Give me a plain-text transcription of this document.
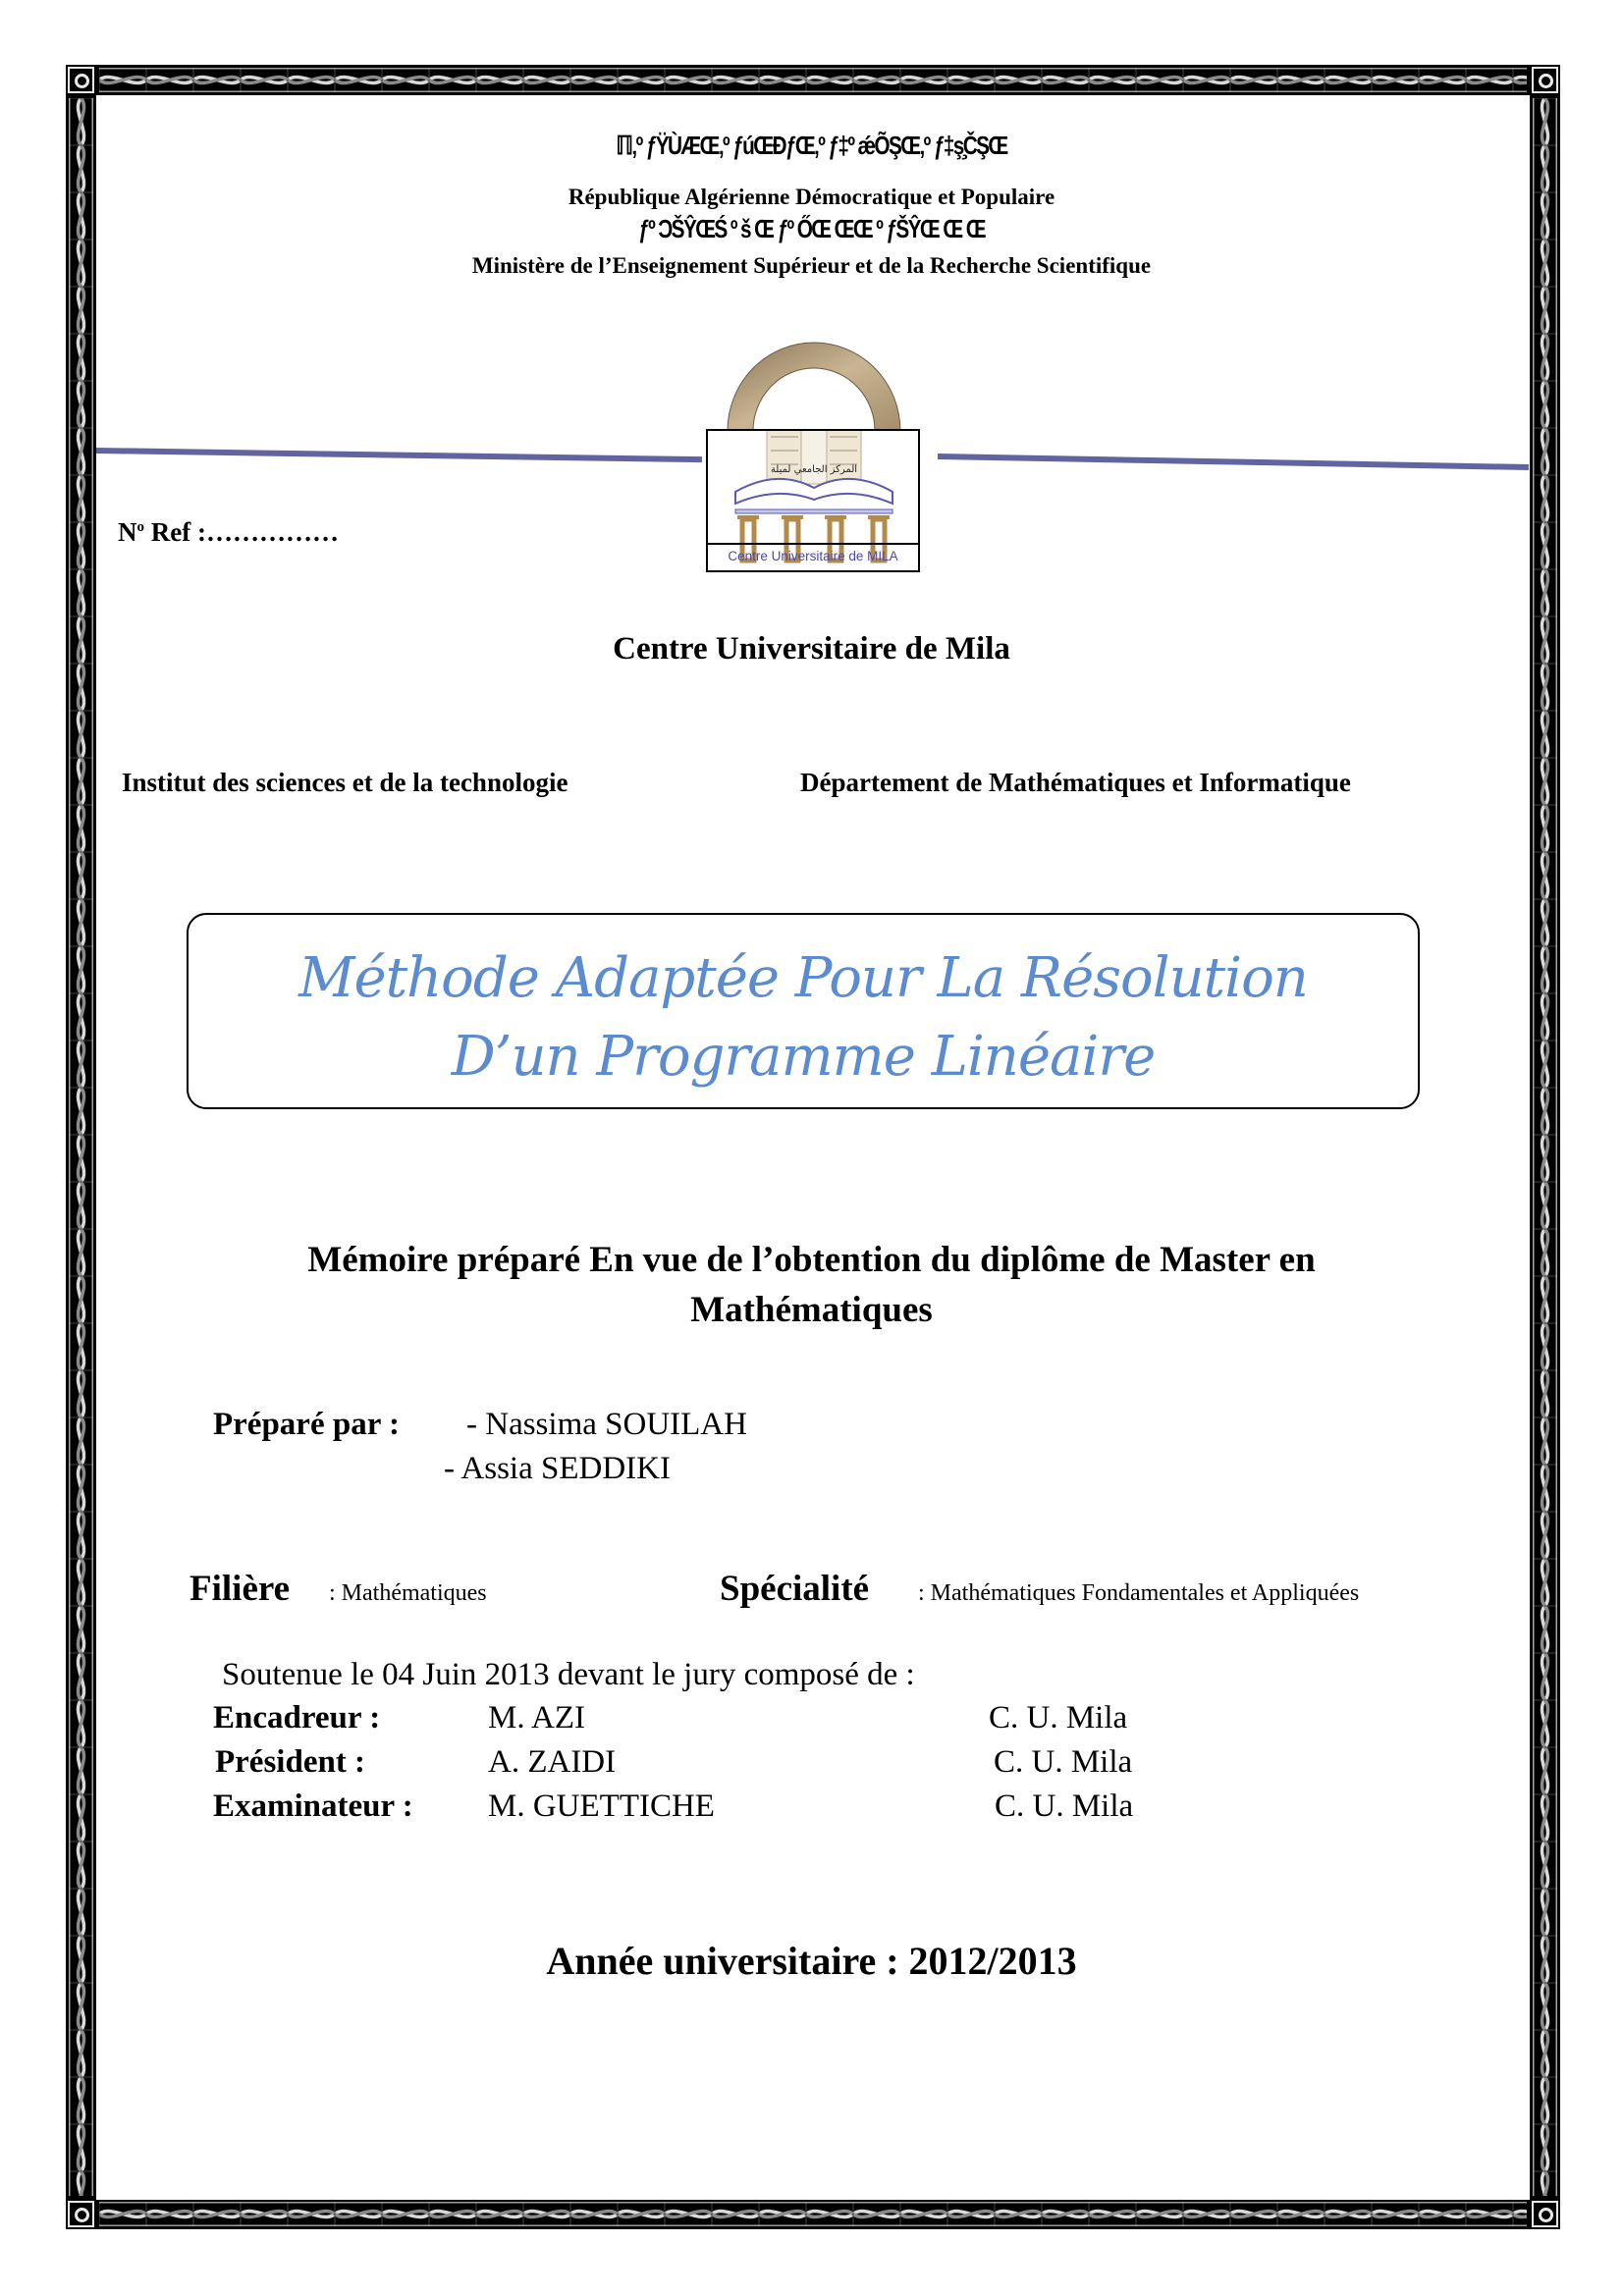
ℿ‚º ƒŸÙÆŒ‚º ƒúŒĐƒŒ‚º ƒ‡º ǽÕŞŒ‚º ƒ‡ş̧ČŞŒ
République Algérienne Démocratique et Populaire
ƒº ƆŠŶŒŚ º š Œ ƒº ŐŒ ŒŒ º ƒŠŶŒ Œ Œ
Ministère de l’Enseignement Supérieur et de la Recherche Scientifique
Centre Universitaire de MILA
المركز الجامعي لميلة
$N^o$ Ref :……………
Centre Universitaire de Mila
Institut des sciences et de la technologie	Département de Mathématiques et Informatique
Méthode Adaptée Pour La Résolution
D’un Programme Linéaire
Mémoire préparé En vue de l’obtention du diplôme de Master en
Mathématiques
Préparé par : - Nassima SOUILAH
- Assia SEDDIKI
Filière : Mathématiques	Spécialité : Mathématiques Fondamentales et Appliquées
Soutenue le 04 Juin 2013 devant le jury composé de :
Encadreur :	M. AZI	C. U. Mila
Président :	A. ZAIDI	C. U. Mila
Examinateur : M. GUETTICHE	C. U. Mila
Année universitaire : 2012/2013
